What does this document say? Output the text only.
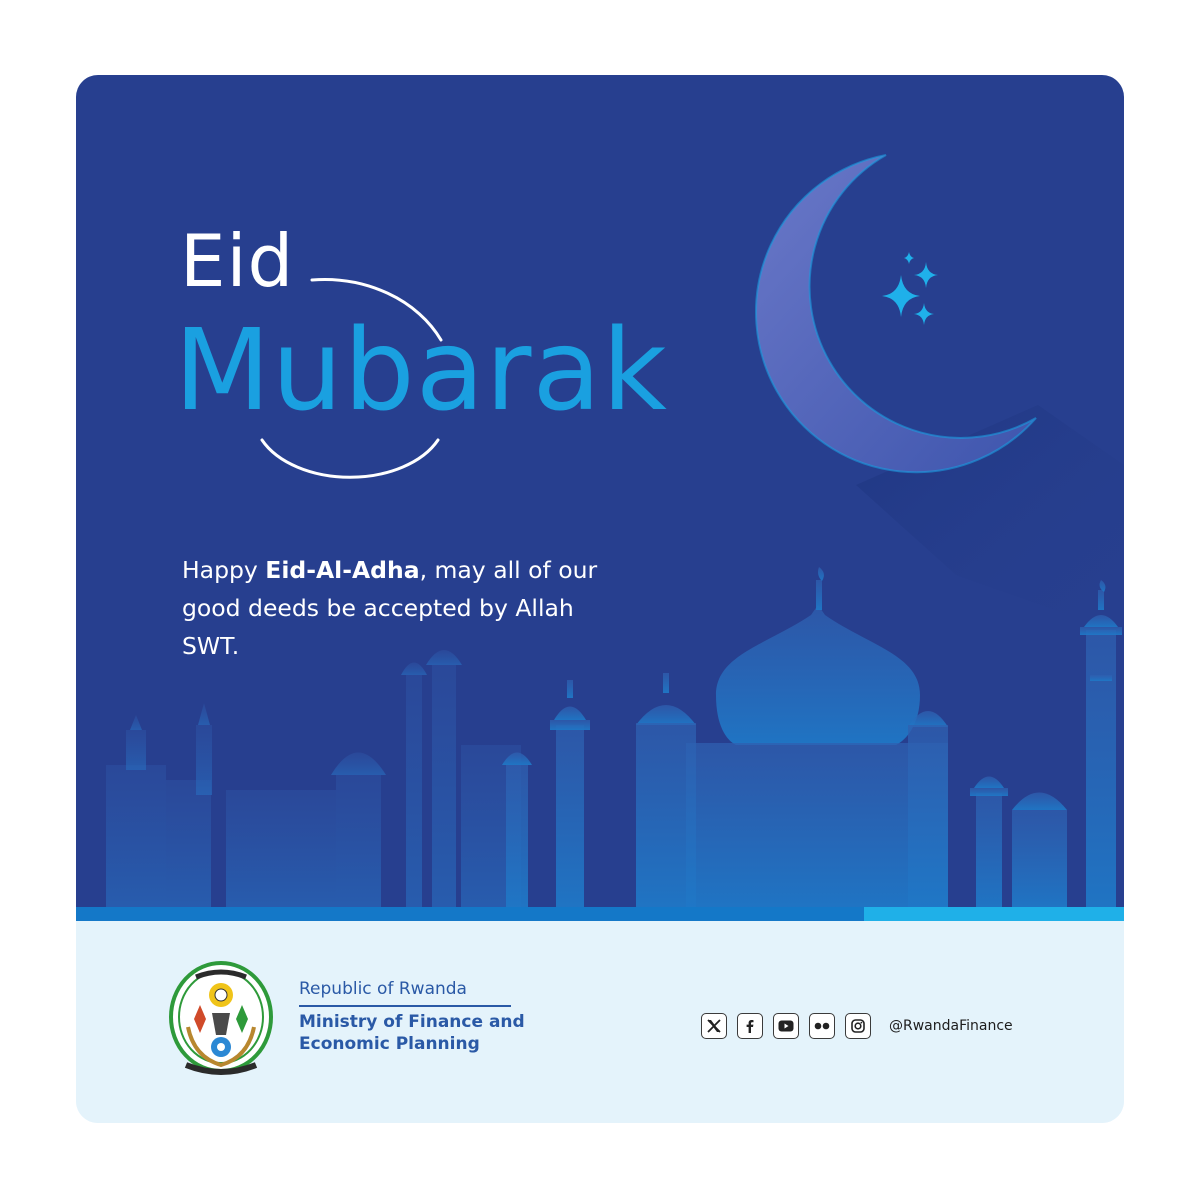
Eid
Mubarak

Happy Eid-Al-Adha, may all of our good deeds be accepted by Allah SWT.

Republic of Rwanda

Ministry of Finance and Economic Planning

@RwandaFinance
